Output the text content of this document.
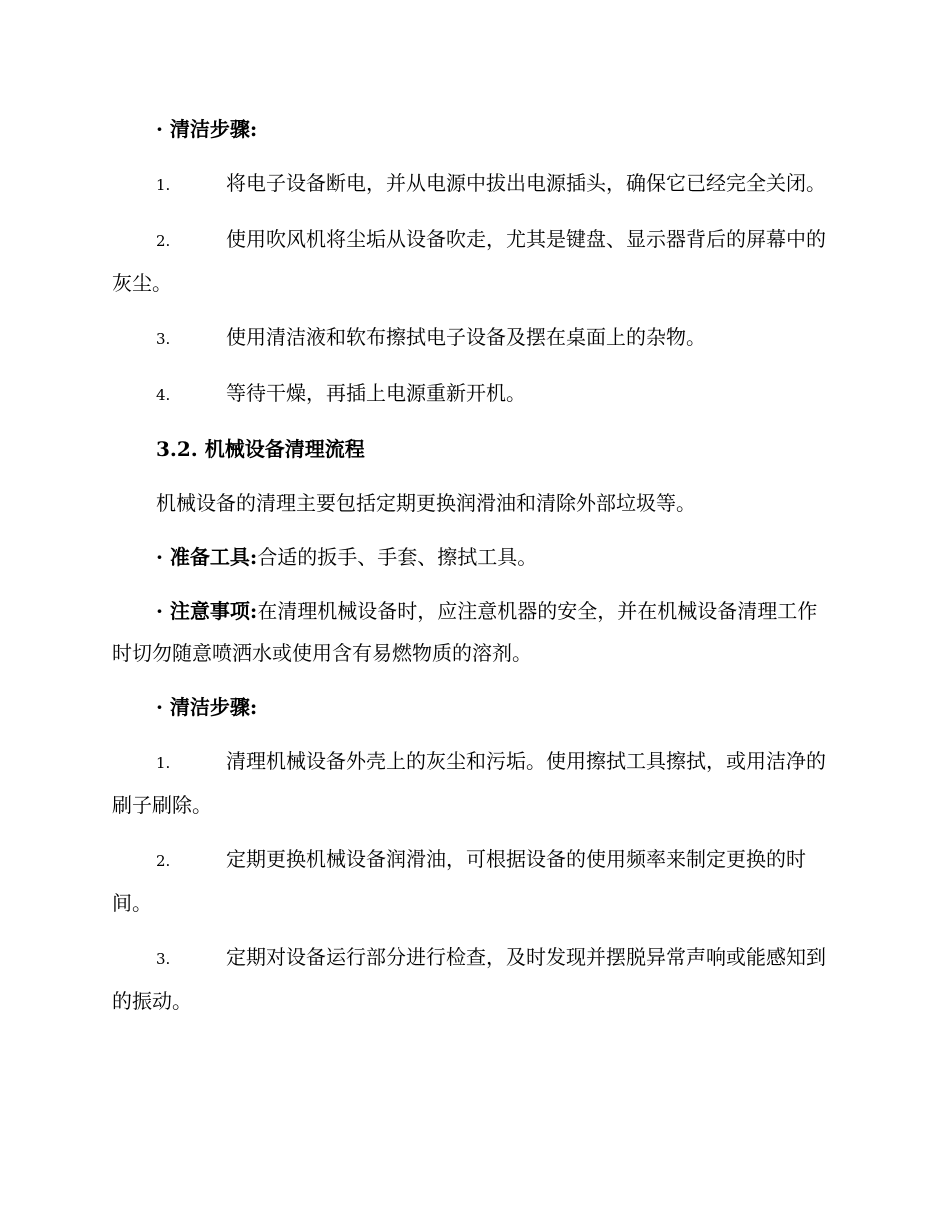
· 清洁步骤:

1.	将电子设备断电，并从电源中拔出电源插头，确保它已经完全关闭。
2.	使用吹风机将尘垢从设备吹走，尤其是键盘、显示器背后的屏幕中的灰尘。
3.	使用清洁液和软布擦拭电子设备及摆在桌面上的杂物。
4.	等待干燥，再插上电源重新开机。

3.2. 机械设备清理流程

机械设备的清理主要包括定期更换润滑油和清除外部垃圾等。

· 准备工具:合适的扳手、手套、擦拭工具。

· 注意事项:在清理机械设备时，应注意机器的安全，并在机械设备清理工作时切勿随意喷洒水或使用含有易燃物质的溶剂。

· 清洁步骤:

1.	清理机械设备外壳上的灰尘和污垢。使用擦拭工具擦拭，或用洁净的刷子刷除。
2.	定期更换机械设备润滑油，可根据设备的使用频率来制定更换的时间。
3.	定期对设备运行部分进行检查，及时发现并摆脱异常声响或能感知到的振动。
